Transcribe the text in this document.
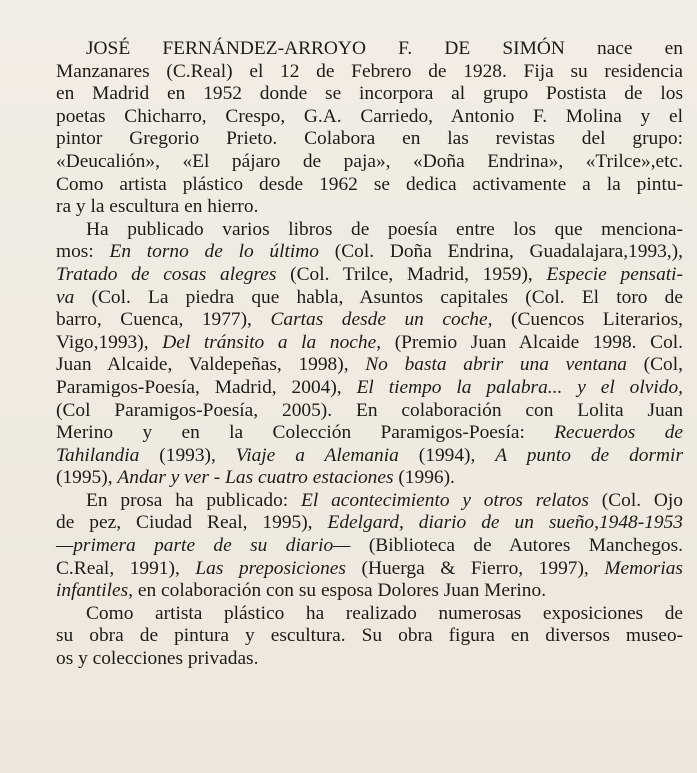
JOSÉ FERNÁNDEZ-ARROYO F. DE SIMÓN nace en
Manzanares (C.Real) el 12 de Febrero de 1928. Fija su residencia
en Madrid en 1952 donde se incorpora al grupo Postista de los
poetas Chicharro, Crespo, G.A. Carriedo, Antonio F. Molina y el
pintor Gregorio Prieto. Colabora en las revistas del grupo:
«Deucalión», «El pájaro de paja», «Doña Endrina», «Trilce»,etc.
Como artista plástico desde 1962 se dedica activamente a la pintu-
ra y la escultura en hierro.
Ha publicado varios libros de poesía entre los que menciona-
mos: En torno de lo último (Col. Doña Endrina, Guadalajara,1993,),
Tratado de cosas alegres (Col. Trilce, Madrid, 1959), Especie pensati-
va (Col. La piedra que habla, Asuntos capitales (Col. El toro de
barro, Cuenca, 1977), Cartas desde un coche, (Cuencos Literarios,
Vigo,1993), Del tránsito a la noche, (Premio Juan Alcaide 1998. Col.
Juan Alcaide, Valdepeñas, 1998), No basta abrir una ventana (Col,
Paramigos-Poesía, Madrid, 2004), El tiempo la palabra... y el olvido,
(Col Paramigos-Poesía, 2005). En colaboración con Lolita Juan
Merino y en la Colección Paramigos-Poesía: Recuerdos de
Tahilandia (1993), Viaje a Alemania (1994), A punto de dormir
(1995), Andar y ver - Las cuatro estaciones (1996).
En prosa ha publicado: El acontecimiento y otros relatos (Col. Ojo
de pez, Ciudad Real, 1995), Edelgard, diario de un sueño,1948-1953
—primera parte de su diario— (Biblioteca de Autores Manchegos.
C.Real, 1991), Las preposiciones (Huerga & Fierro, 1997), Memorias
infantiles, en colaboración con su esposa Dolores Juan Merino.
Como artista plástico ha realizado numerosas exposiciones de
su obra de pintura y escultura. Su obra figura en diversos museo-
os y colecciones privadas.
